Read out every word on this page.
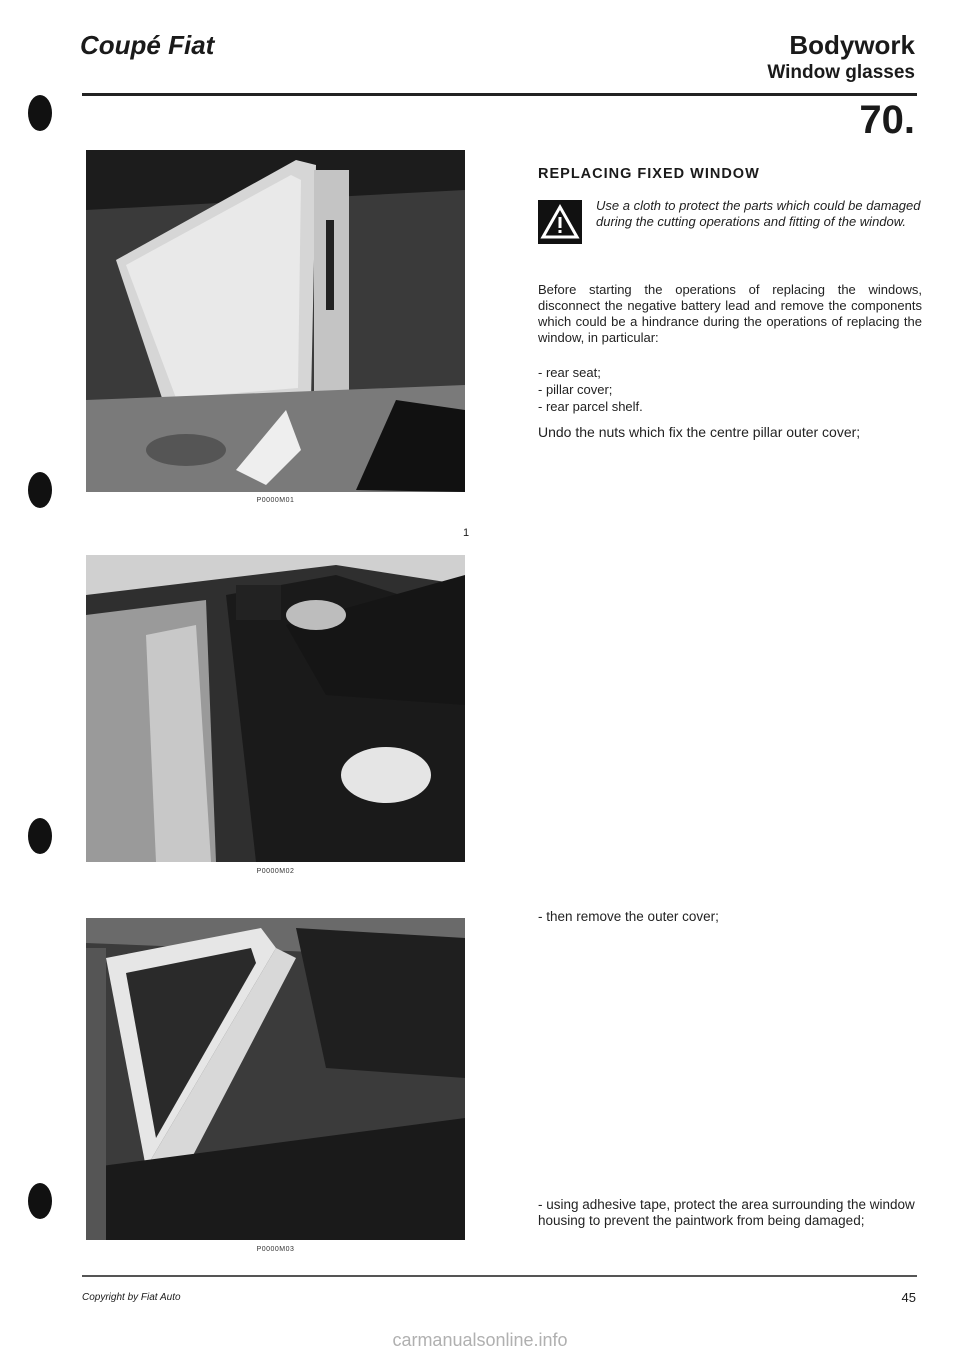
Coupé Fiat	Bodywork
Window glasses
70.
P0000M01
1
P0000M02
P0000M03
REPLACING FIXED WINDOW
Use a cloth to protect the parts which could be damaged during the cutting operations and fitting of the window.
Before starting the operations of replacing the windows, disconnect the negative battery lead and remove the components which could be a hindrance during the operations of replacing the window, in particular:
- rear seat;
- pillar cover;
- rear parcel shelf.
Undo the nuts which fix the centre pillar outer cover;
- then remove the outer cover;
- using adhesive tape, protect the area surrounding the window housing to prevent the paintwork from being damaged;
Copyright by Fiat Auto	45
carmanualsonline.info
